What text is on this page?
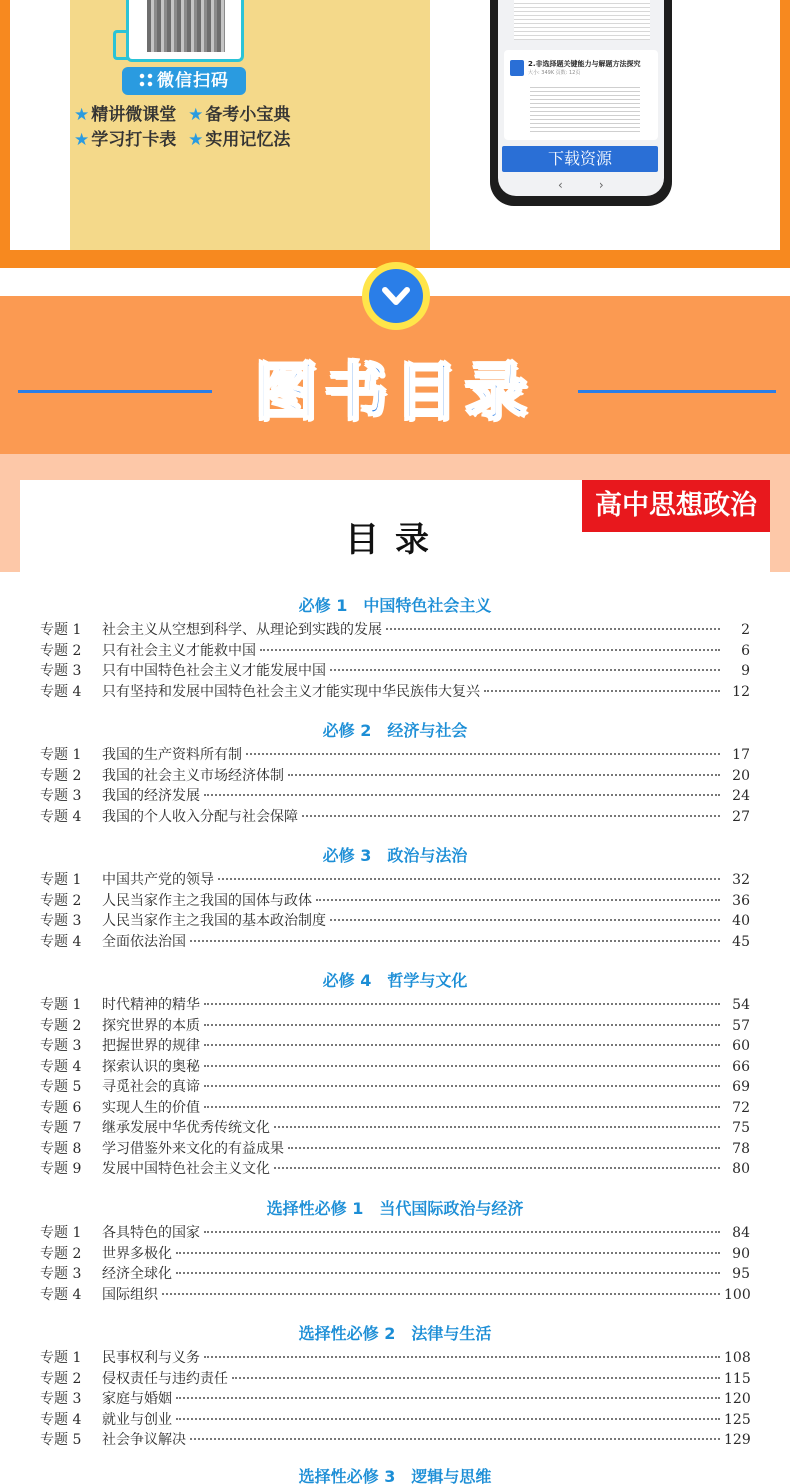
微信扫码
★ 精讲微课堂 ★ 备考小宝典
★ 学习打卡表 ★ 实用记忆法
2.非选择题关键能力与解题方法探究
大小: 349K 页数: 12页
‹	›
下载资源
图书目录
高中思想政治
目录
必修 1　中国特色社会主义
专题 1	社会主义从空想到科学、从理论到实践的发展	2
专题 2	只有社会主义才能救中国	6
专题 3	只有中国特色社会主义才能发展中国	9
专题 4	只有坚持和发展中国特色社会主义才能实现中华民族伟大复兴	12
必修 2　经济与社会
专题 1	我国的生产资料所有制	17
专题 2	我国的社会主义市场经济体制	20
专题 3	我国的经济发展	24
专题 4	我国的个人收入分配与社会保障	27
必修 3　政治与法治
专题 1	中国共产党的领导	32
专题 2	人民当家作主之我国的国体与政体	36
专题 3	人民当家作主之我国的基本政治制度	40
专题 4	全面依法治国	45
必修 4　哲学与文化
专题 1	时代精神的精华	54
专题 2	探究世界的本质	57
专题 3	把握世界的规律	60
专题 4	探索认识的奥秘	66
专题 5	寻觅社会的真谛	69
专题 6	实现人生的价值	72
专题 7	继承发展中华优秀传统文化	75
专题 8	学习借鉴外来文化的有益成果	78
专题 9	发展中国特色社会主义文化	80
选择性必修 1　当代国际政治与经济
专题 1	各具特色的国家	84
专题 2	世界多极化	90
专题 3	经济全球化	95
专题 4	国际组织	100
选择性必修 2　法律与生活
专题 1	民事权利与义务	108
专题 2	侵权责任与违约责任	115
专题 3	家庭与婚姻	120
专题 4	就业与创业	125
专题 5	社会争议解决	129
选择性必修 3　逻辑与思维
